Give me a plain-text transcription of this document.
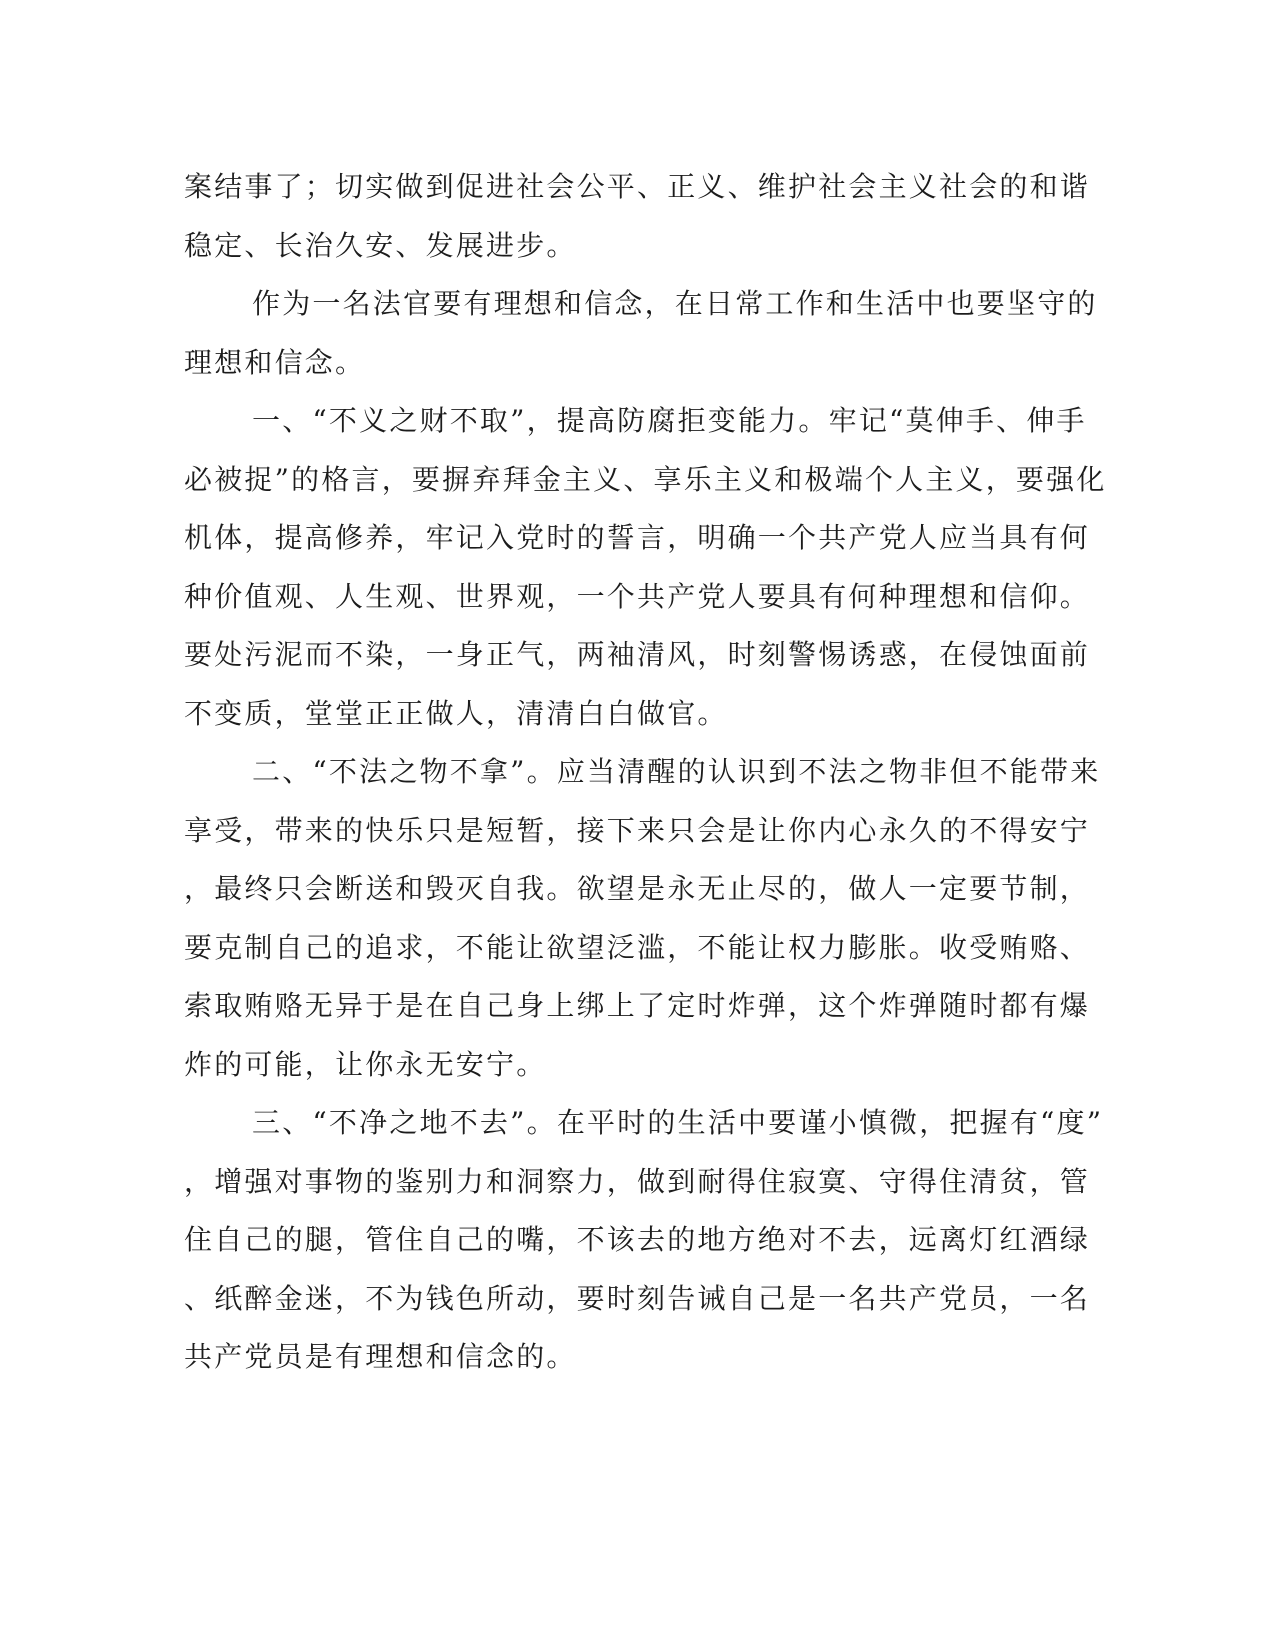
案结事了；切实做到促进社会公平、正义、维护社会主义社会的和谐
稳定、长治久安、发展进步。
作为一名法官要有理想和信念，在日常工作和生活中也要坚守的
理想和信念。
一、“不义之财不取”，提高防腐拒变能力。牢记“莫伸手、伸手
必被捉”的格言，要摒弃拜金主义、享乐主义和极端个人主义，要强化
机体，提高修养，牢记入党时的誓言，明确一个共产党人应当具有何
种价值观、人生观、世界观，一个共产党人要具有何种理想和信仰。
要处污泥而不染，一身正气，两袖清风，时刻警惕诱惑，在侵蚀面前
不变质，堂堂正正做人，清清白白做官。
二、“不法之物不拿”。应当清醒的认识到不法之物非但不能带来
享受，带来的快乐只是短暂，接下来只会是让你内心永久的不得安宁
，最终只会断送和毁灭自我。欲望是永无止尽的，做人一定要节制，
要克制自己的追求，不能让欲望泛滥，不能让权力膨胀。收受贿赂、
索取贿赂无异于是在自己身上绑上了定时炸弹，这个炸弹随时都有爆
炸的可能，让你永无安宁。
三、“不净之地不去”。在平时的生活中要谨小慎微，把握有“度”
，增强对事物的鉴别力和洞察力，做到耐得住寂寞、守得住清贫，管
住自己的腿，管住自己的嘴，不该去的地方绝对不去，远离灯红酒绿
、纸醉金迷，不为钱色所动，要时刻告诫自己是一名共产党员，一名
共产党员是有理想和信念的。
